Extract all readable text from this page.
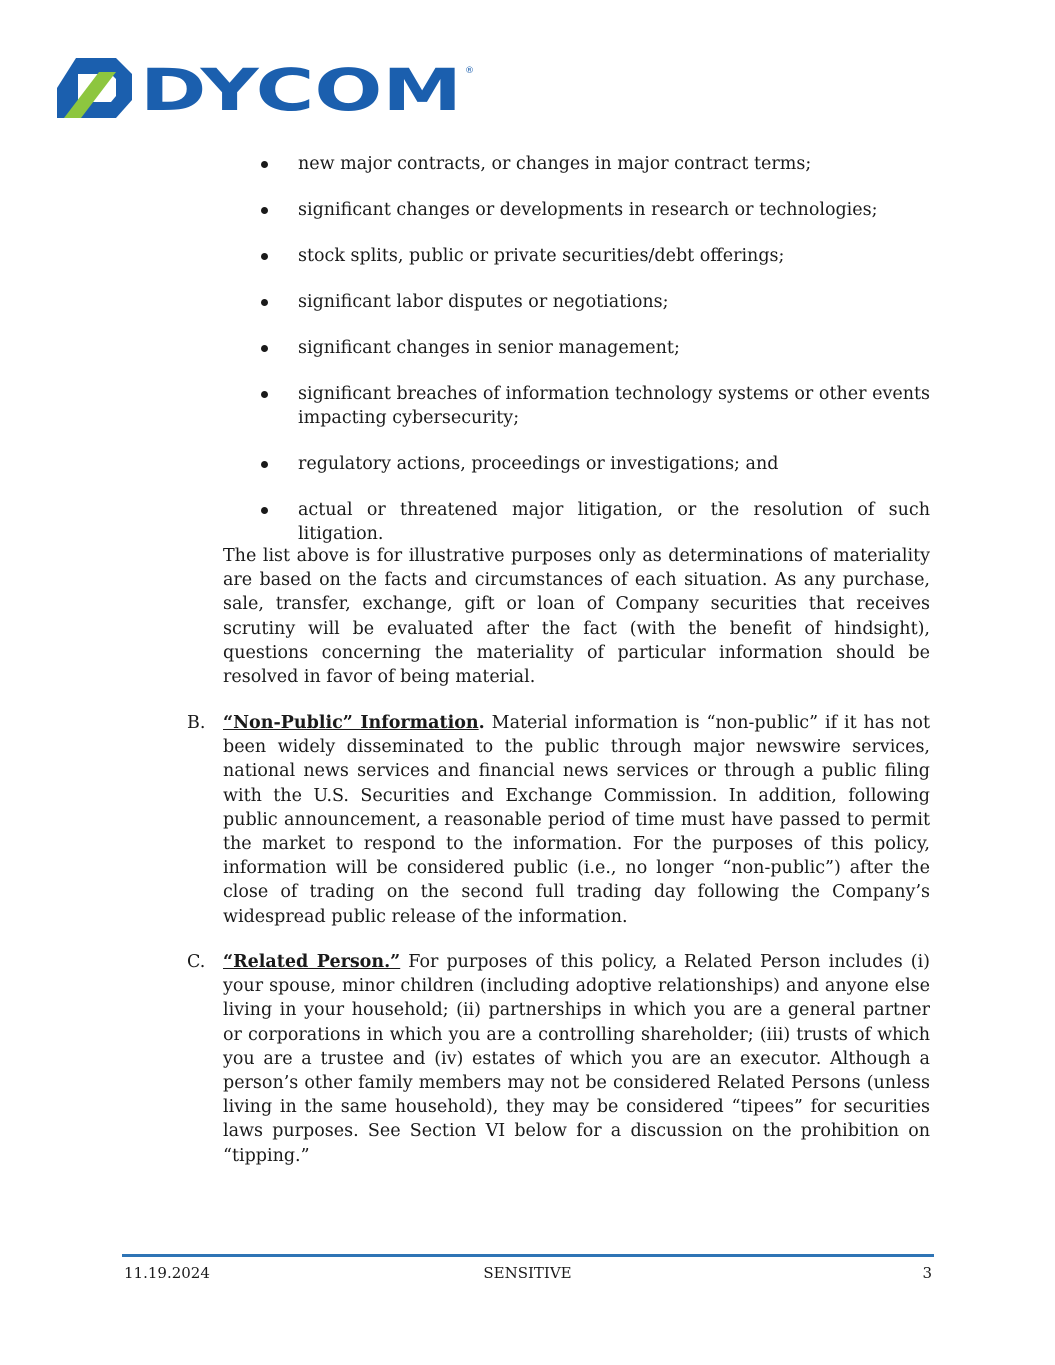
DYCOM ®
new major contracts, or changes in major contract terms;
significant changes or developments in research or technologies;
stock splits, public or private securities/debt offerings;
significant labor disputes or negotiations;
significant changes in senior management;
significant breaches of information technology systems or other events impacting cybersecurity;
regulatory actions, proceedings or investigations; and
actual or threatened major litigation, or the resolution of such litigation.

The list above is for illustrative purposes only as determinations of materiality are based on the facts and circumstances of each situation. As any purchase, sale, transfer, exchange, gift or loan of Company securities that receives scrutiny will be evaluated after the fact (with the benefit of hindsight), questions concerning the materiality of particular information should be resolved in favor of being material.

B. “Non-Public” Information. Material information is “non-public” if it has not been widely disseminated to the public through major newswire services, national news services and financial news services or through a public filing with the U.S. Securities and Exchange Commission. In addition, following public announcement, a reasonable period of time must have passed to permit the market to respond to the information. For the purposes of this policy, information will be considered public (i.e., no longer “non-public”) after the close of trading on the second full trading day following the Company’s widespread public release of the information.
C. “Related Person.” For purposes of this policy, a Related Person includes (i) your spouse, minor children (including adoptive relationships) and anyone else living in your household; (ii) partnerships in which you are a general partner or corporations in which you are a controlling shareholder; (iii) trusts of which you are a trustee and (iv) estates of which you are an executor. Although a person’s other family members may not be considered Related Persons (unless living in the same household), they may be considered “tipees” for securities laws purposes. See Section VI below for a discussion on the prohibition on “tipping.”
11.19.2024	SENSITIVE	3
